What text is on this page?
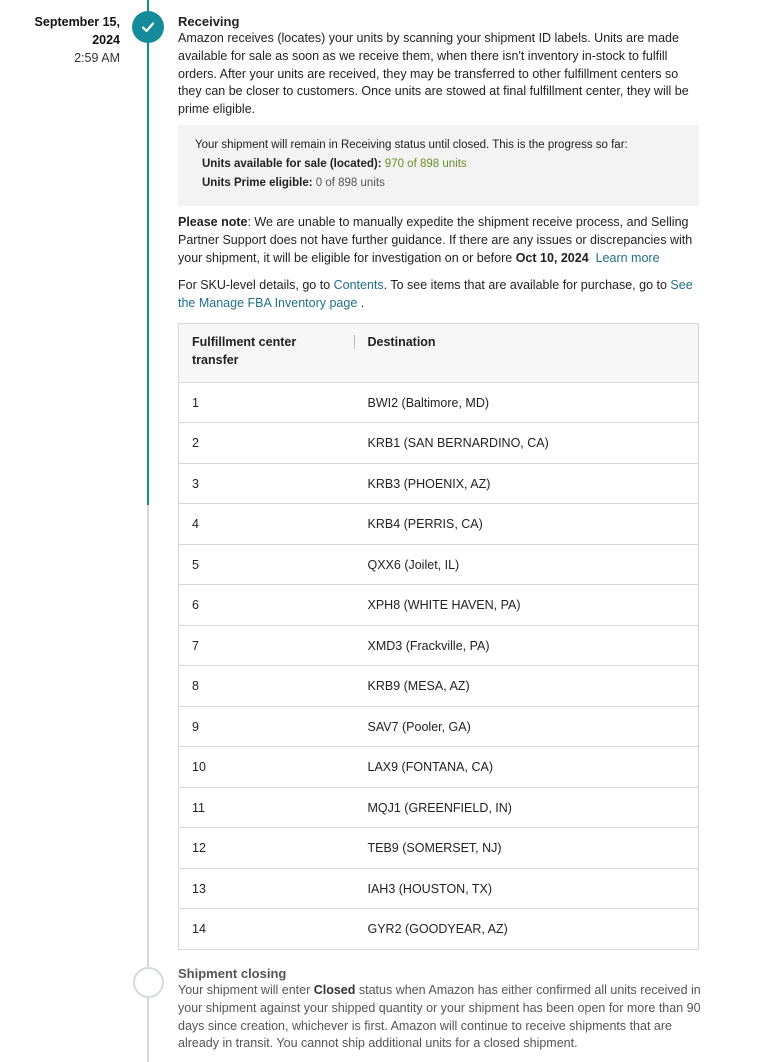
September 15,
2024
2:59 AM
Receiving
Amazon receives (locates) your units by scanning your shipment ID labels. Units are made available for sale as soon as we receive them, when there isn't inventory in-stock to fulfill orders. After your units are received, they may be transferred to other fulfillment centers so they can be closer to customers. Once units are stowed at final fulfillment center, they will be prime eligible.
Your shipment will remain in Receiving status until closed. This is the progress so far:
Units available for sale (located): 970 of 898 units
Units Prime eligible: 0 of 898 units
Please note: We are unable to manually expedite the shipment receive process, and Selling Partner Support does not have further guidance. If there are any issues or discrepancies with your shipment, it will be eligible for investigation on or before Oct 10, 2024 Learn more
For SKU-level details, go to Contents. To see items that are available for purchase, go to See the Manage FBA Inventory page .
Fulfillment center transfer	Destination
1	BWI2 (Baltimore, MD)
2	KRB1 (SAN BERNARDINO, CA)
3	KRB3 (PHOENIX, AZ)
4	KRB4 (PERRIS, CA)
5	QXX6 (Joilet, IL)
6	XPH8 (WHITE HAVEN, PA)
7	XMD3 (Frackville, PA)
8	KRB9 (MESA, AZ)
9	SAV7 (Pooler, GA)
10	LAX9 (FONTANA, CA)
11	MQJ1 (GREENFIELD, IN)
12	TEB9 (SOMERSET, NJ)
13	IAH3 (HOUSTON, TX)
14	GYR2 (GOODYEAR, AZ)
Shipment closing
Your shipment will enter Closed status when Amazon has either confirmed all units received in your shipment against your shipped quantity or your shipment has been open for more than 90 days since creation, whichever is first. Amazon will continue to receive shipments that are already in transit. You cannot ship additional units for a closed shipment.
